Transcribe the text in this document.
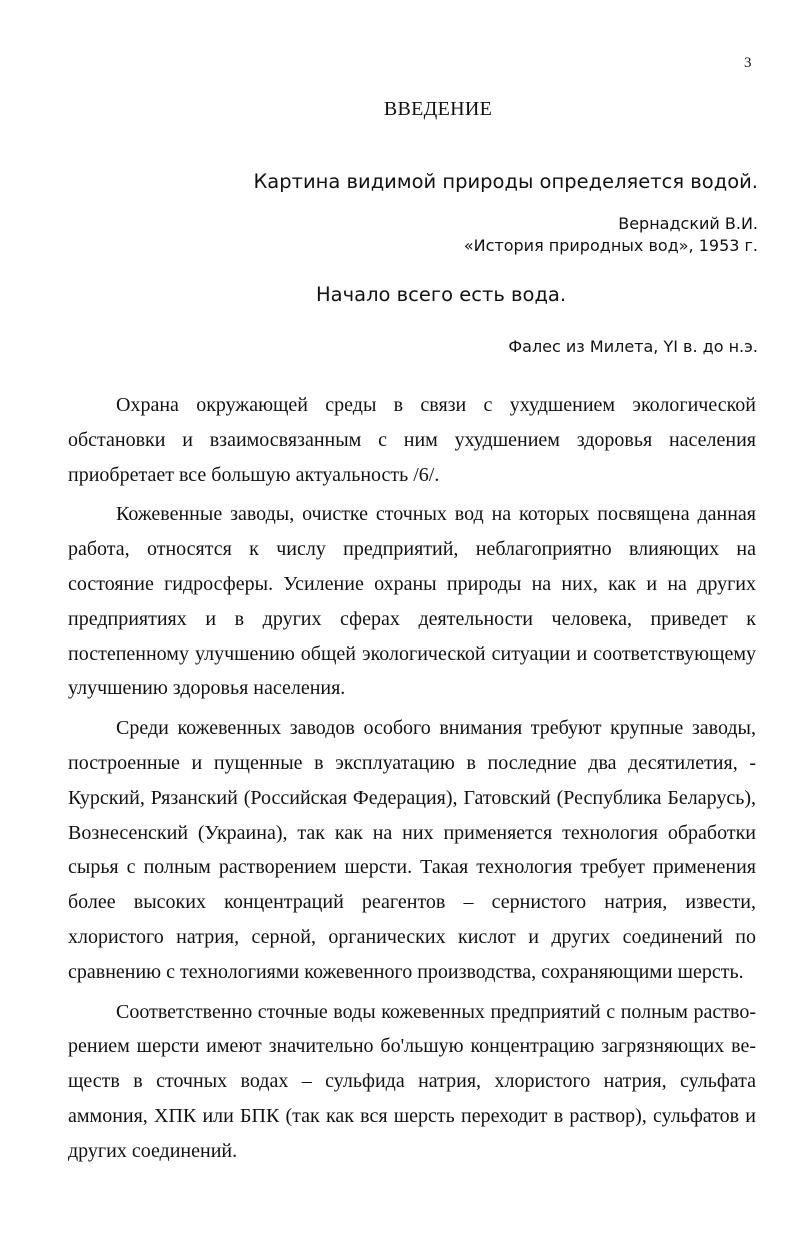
3
ВВЕДЕНИЕ
Картина видимой природы определяется водой.
Вернадский В.И.
«История природных вод», 1953 г.
Начало всего есть вода.
Фалес из Милета, YI в. до н.э.

Охрана окружающей среды в связи с ухудшением экологической обстановки и взаимосвязанным с ним ухудшением здоровья населения приобретает все большую актуальность /6/.

Кожевенные заводы, очистке сточных вод на которых посвящена данная работа, относятся к числу предприятий, неблагоприятно влияющих на состояние гидросферы. Усиление охраны природы на них, как и на других предприятиях и в других сферах деятельности человека, приведет к постепенному улучшению общей экологической ситуации и соответствующему улучшению здоровья населения.

Среди кожевенных заводов особого внимания требуют крупные заводы, построенные и пущенные в эксплуатацию в последние два десятилетия, - Курский, Рязанский (Российская Федерация), Гатовский (Республика Беларусь), Вознесенский (Украина), так как на них применяется технология обработки сырья с полным растворением шерсти. Такая технология требует применения более высоких концентраций реагентов – сернистого натрия, извести, хлористого натрия, серной, органических кислот и других соединений по сравнению с технологиями кожевенного производства, сохраняющими шерсть.

Соответственно сточные воды кожевенных предприятий с полным растворением шерсти имеют значительно бо'льшую концентрацию загрязняющих веществ в сточных водах – сульфида натрия, хлористого натрия, сульфата аммония, ХПК или БПК (так как вся шерсть переходит в раствор), сульфатов и других соединений.
